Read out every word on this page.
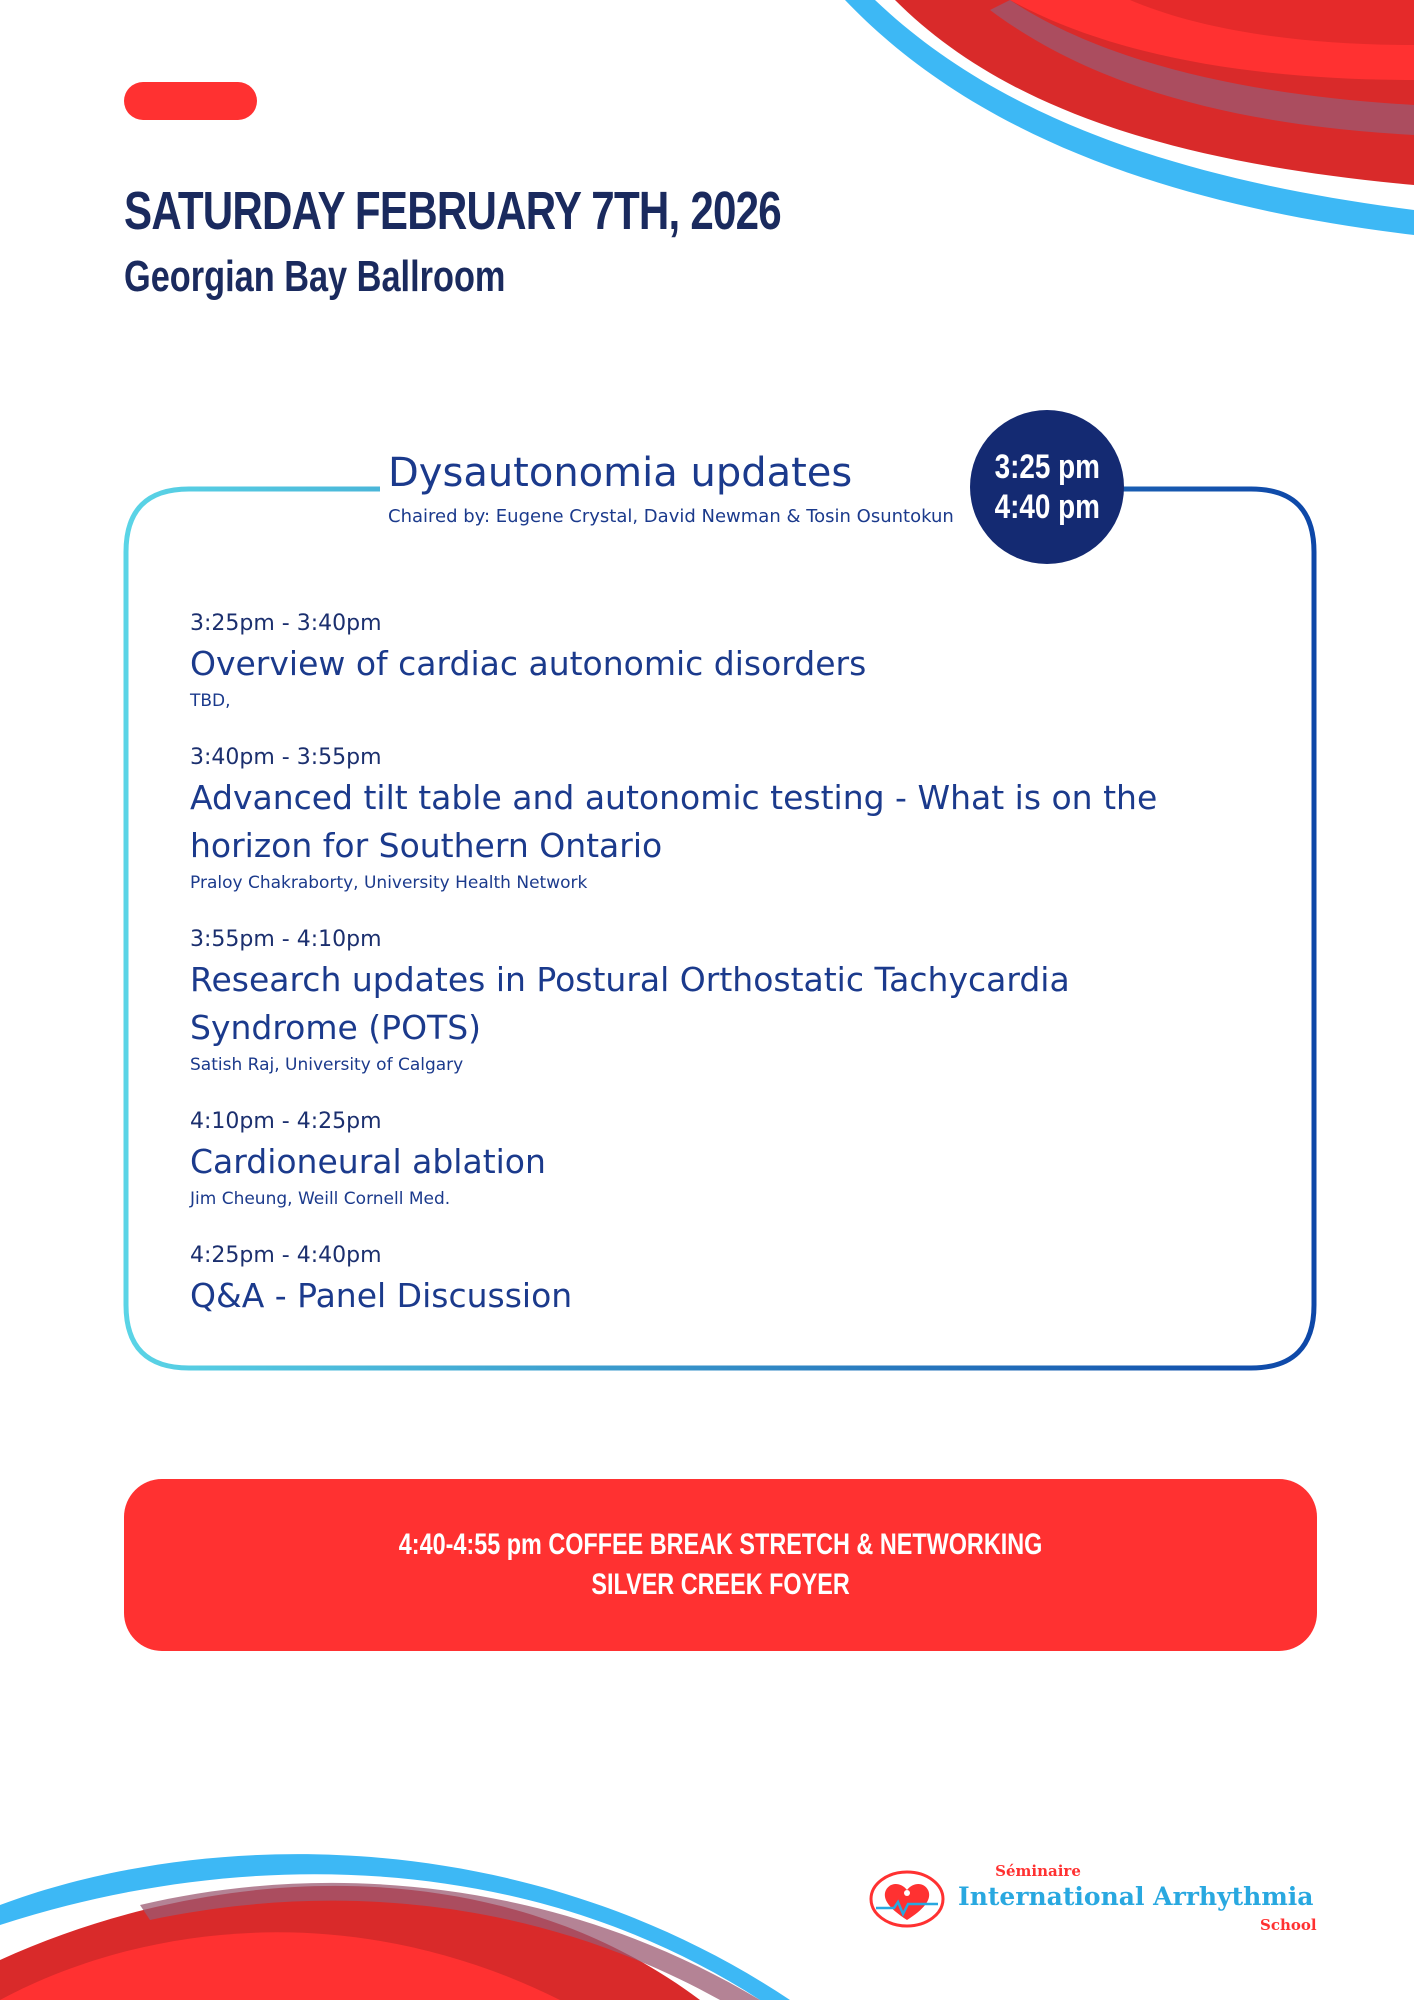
SATURDAY FEBRUARY 7TH, 2026
Georgian Bay Ballroom
Dysautonomia updates
Chaired by: Eugene Crystal, David Newman & Tosin Osuntokun
3:25 pm
4:40 pm
3:25pm - 3:40pm
Overview of cardiac autonomic disorders
TBD,
3:40pm - 3:55pm
Advanced tilt table and autonomic testing - What is on the horizon for Southern Ontario
Praloy Chakraborty, University Health Network
3:55pm - 4:10pm
Research updates in Postural Orthostatic Tachycardia Syndrome (POTS)
Satish Raj, University of Calgary
4:10pm - 4:25pm
Cardioneural ablation
Jim Cheung, Weill Cornell Med.
4:25pm - 4:40pm
Q&A - Panel Discussion
4:40-4:55 pm COFFEE BREAK STRETCH & NETWORKING
SILVER CREEK FOYER
Séminaire
International Arrhythmia
School
